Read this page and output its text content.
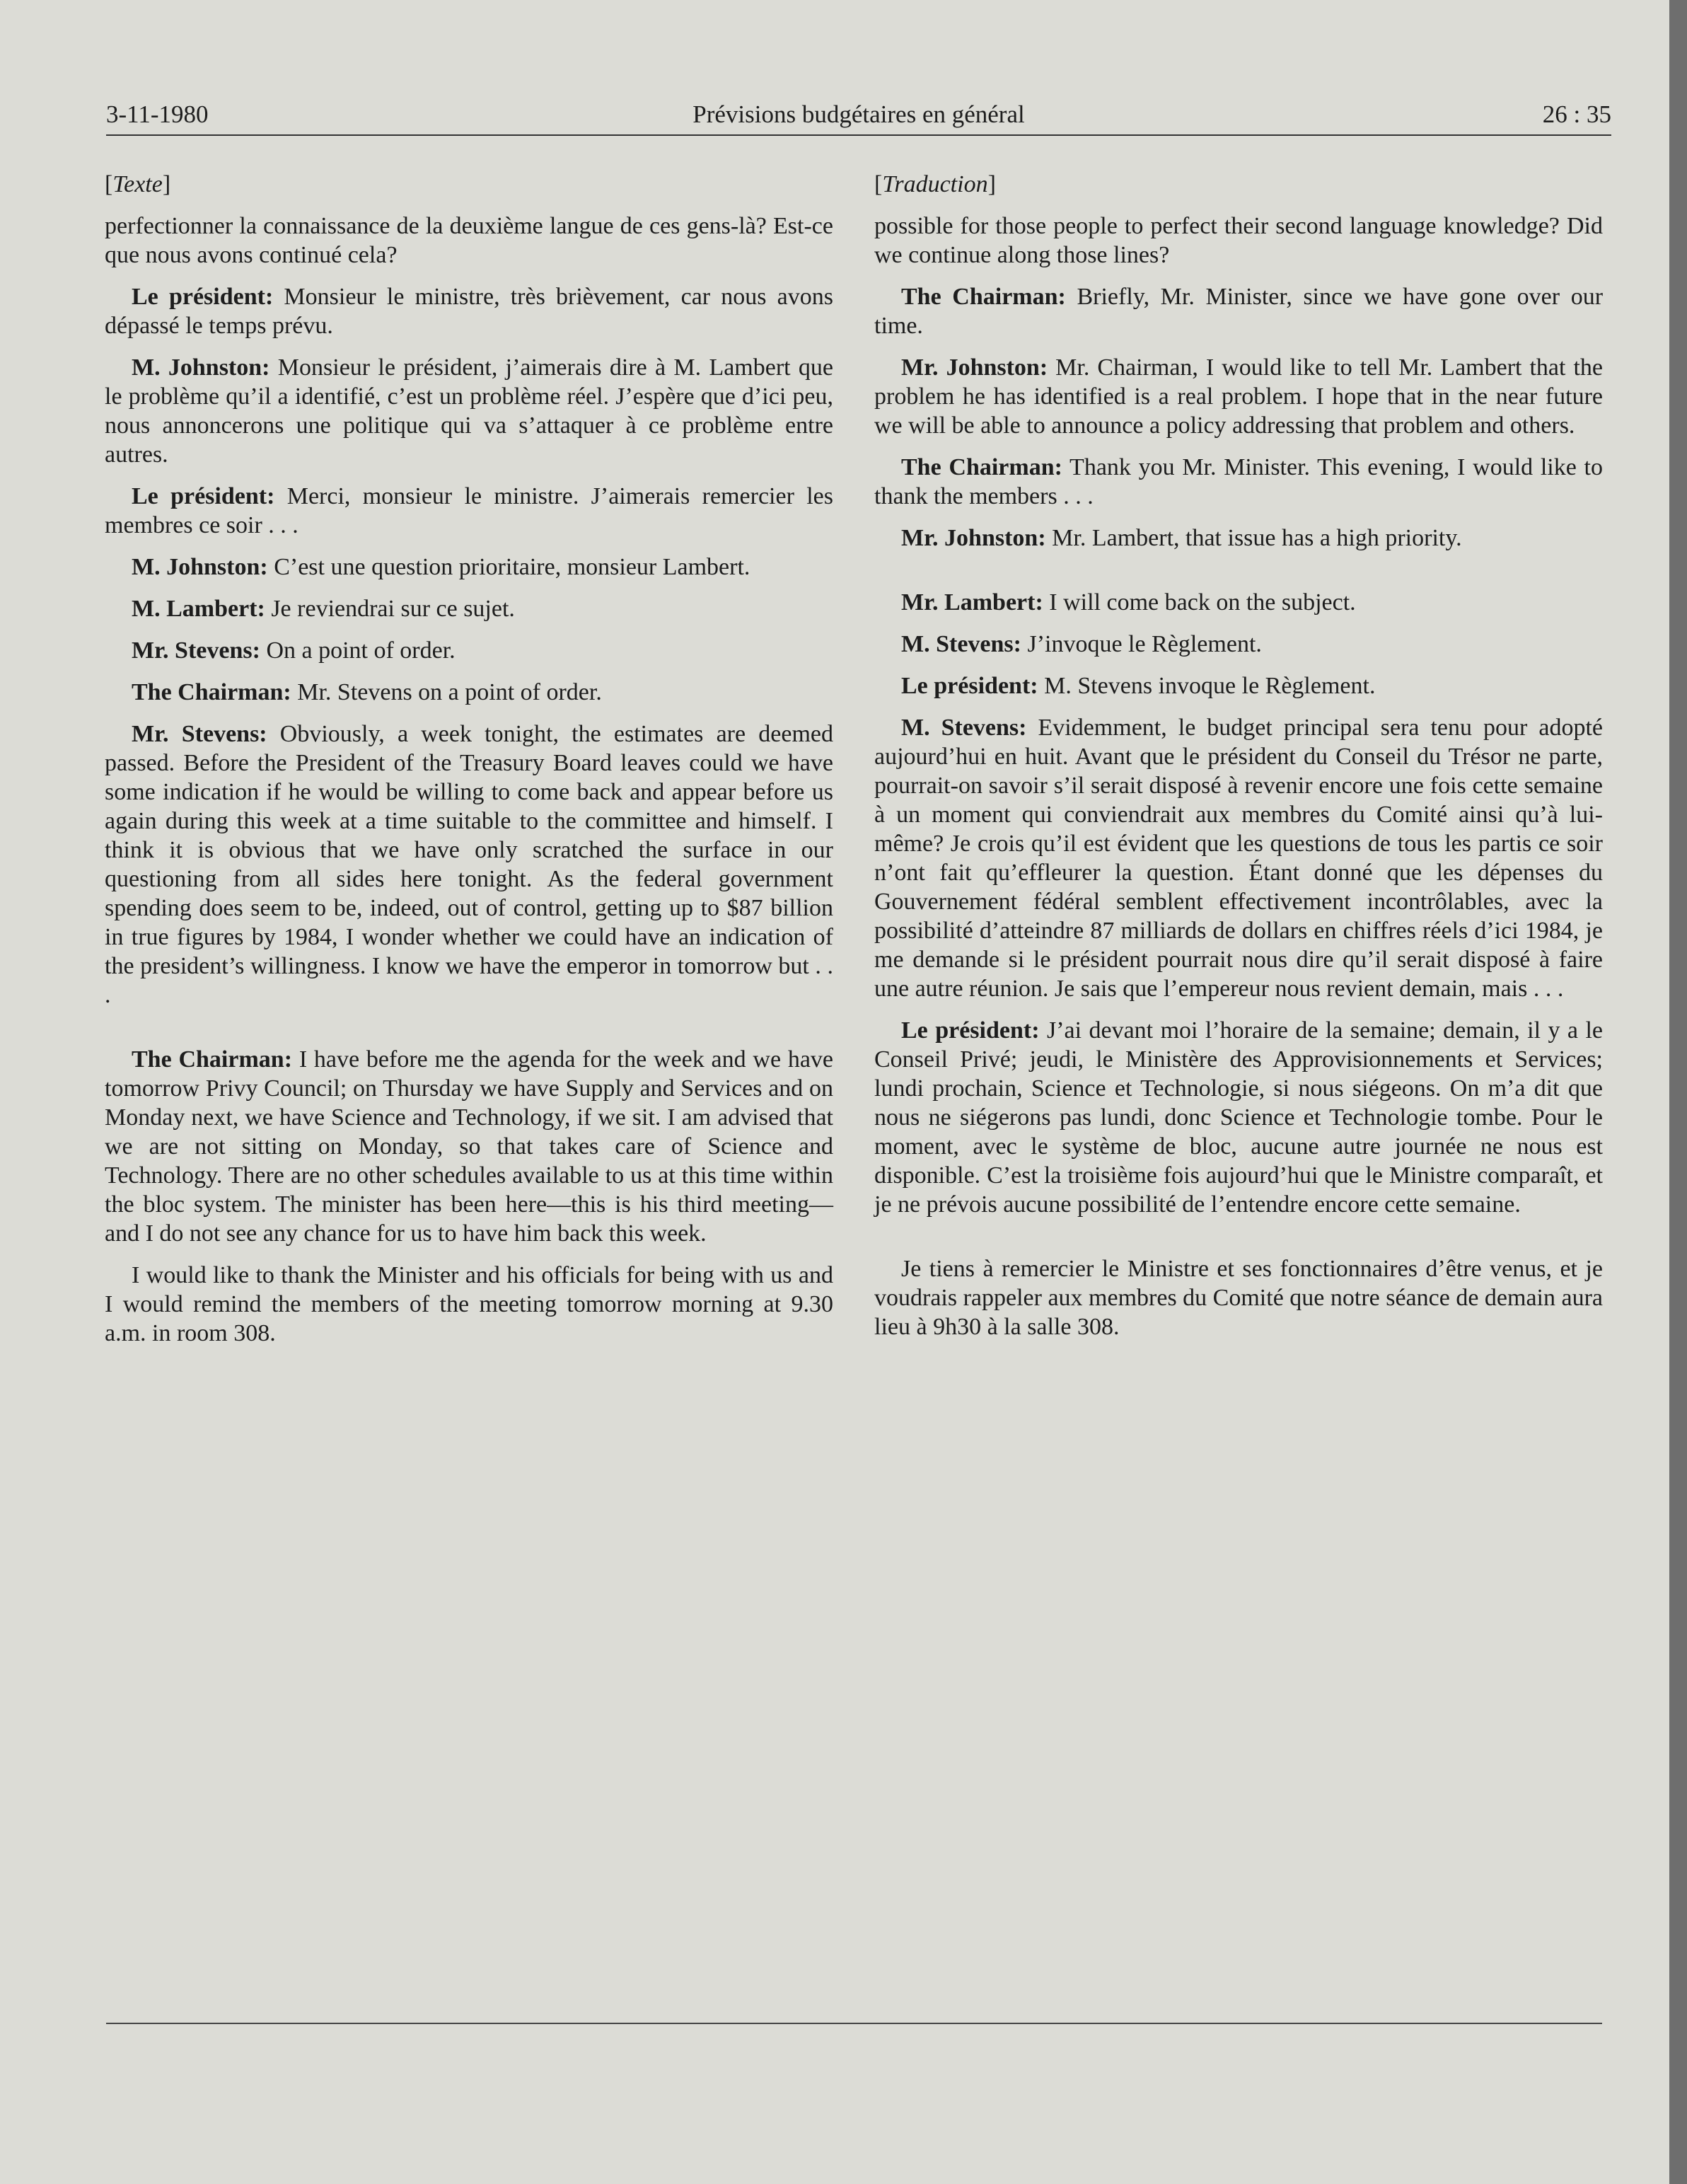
3-11-1980	Prévisions budgétaires en général	26 : 35

[Texte]

perfectionner la connaissance de la deuxième langue de ces gens-là? Est-ce que nous avons continué cela?

Le président: Monsieur le ministre, très brièvement, car nous avons dépassé le temps prévu.

M. Johnston: Monsieur le président, j’aimerais dire à M. Lambert que le problème qu’il a identifié, c’est un problème réel. J’espère que d’ici peu, nous annoncerons une politique qui va s’attaquer à ce problème entre autres.

Le président: Merci, monsieur le ministre. J’aimerais remercier les membres ce soir . . .

M. Johnston: C’est une question prioritaire, monsieur Lambert.

M. Lambert: Je reviendrai sur ce sujet.

Mr. Stevens: On a point of order.

The Chairman: Mr. Stevens on a point of order.

Mr. Stevens: Obviously, a week tonight, the estimates are deemed passed. Before the President of the Treasury Board leaves could we have some indication if he would be willing to come back and appear before us again during this week at a time suitable to the committee and himself. I think it is obvious that we have only scratched the surface in our questioning from all sides here tonight. As the federal government spending does seem to be, indeed, out of control, getting up to $87 billion in true figures by 1984, I wonder whether we could have an indication of the president’s willingness. I know we have the emperor in tomorrow but . . .

The Chairman: I have before me the agenda for the week and we have tomorrow Privy Council; on Thursday we have Supply and Services and on Monday next, we have Science and Technology, if we sit. I am advised that we are not sitting on Monday, so that takes care of Science and Technology. There are no other schedules available to us at this time within the bloc system. The minister has been here—this is his third meeting—and I do not see any chance for us to have him back this week.

I would like to thank the Minister and his officials for being with us and I would remind the members of the meeting tomorrow morning at 9.30 a.m. in room 308.

[Traduction]

possible for those people to perfect their second language knowledge? Did we continue along those lines?

The Chairman: Briefly, Mr. Minister, since we have gone over our time.

Mr. Johnston: Mr. Chairman, I would like to tell Mr. Lambert that the problem he has identified is a real problem. I hope that in the near future we will be able to announce a policy addressing that problem and others.

The Chairman: Thank you Mr. Minister. This evening, I would like to thank the members . . .

Mr. Johnston: Mr. Lambert, that issue has a high priority.

Mr. Lambert: I will come back on the subject.

M. Stevens: J’invoque le Règlement.

Le président: M. Stevens invoque le Règlement.

M. Stevens: Evidemment, le budget principal sera tenu pour adopté aujourd’hui en huit. Avant que le président du Conseil du Trésor ne parte, pourrait-on savoir s’il serait disposé à revenir encore une fois cette semaine à un moment qui conviendrait aux membres du Comité ainsi qu’à lui-même? Je crois qu’il est évident que les questions de tous les partis ce soir n’ont fait qu’effleurer la question. Étant donné que les dépenses du Gouvernement fédéral semblent effectivement incontrôlables, avec la possibilité d’atteindre 87 milliards de dollars en chiffres réels d’ici 1984, je me demande si le président pourrait nous dire qu’il serait disposé à faire une autre réunion. Je sais que l’empereur nous revient demain, mais . . .

Le président: J’ai devant moi l’horaire de la semaine; demain, il y a le Conseil Privé; jeudi, le Ministère des Approvisionnements et Services; lundi prochain, Science et Technologie, si nous siégeons. On m’a dit que nous ne siégerons pas lundi, donc Science et Technologie tombe. Pour le moment, avec le système de bloc, aucune autre journée ne nous est disponible. C’est la troisième fois aujourd’hui que le Ministre comparaît, et je ne prévois aucune possibilité de l’entendre encore cette semaine.

Je tiens à remercier le Ministre et ses fonctionnaires d’être venus, et je voudrais rappeler aux membres du Comité que notre séance de demain aura lieu à 9h30 à la salle 308.
